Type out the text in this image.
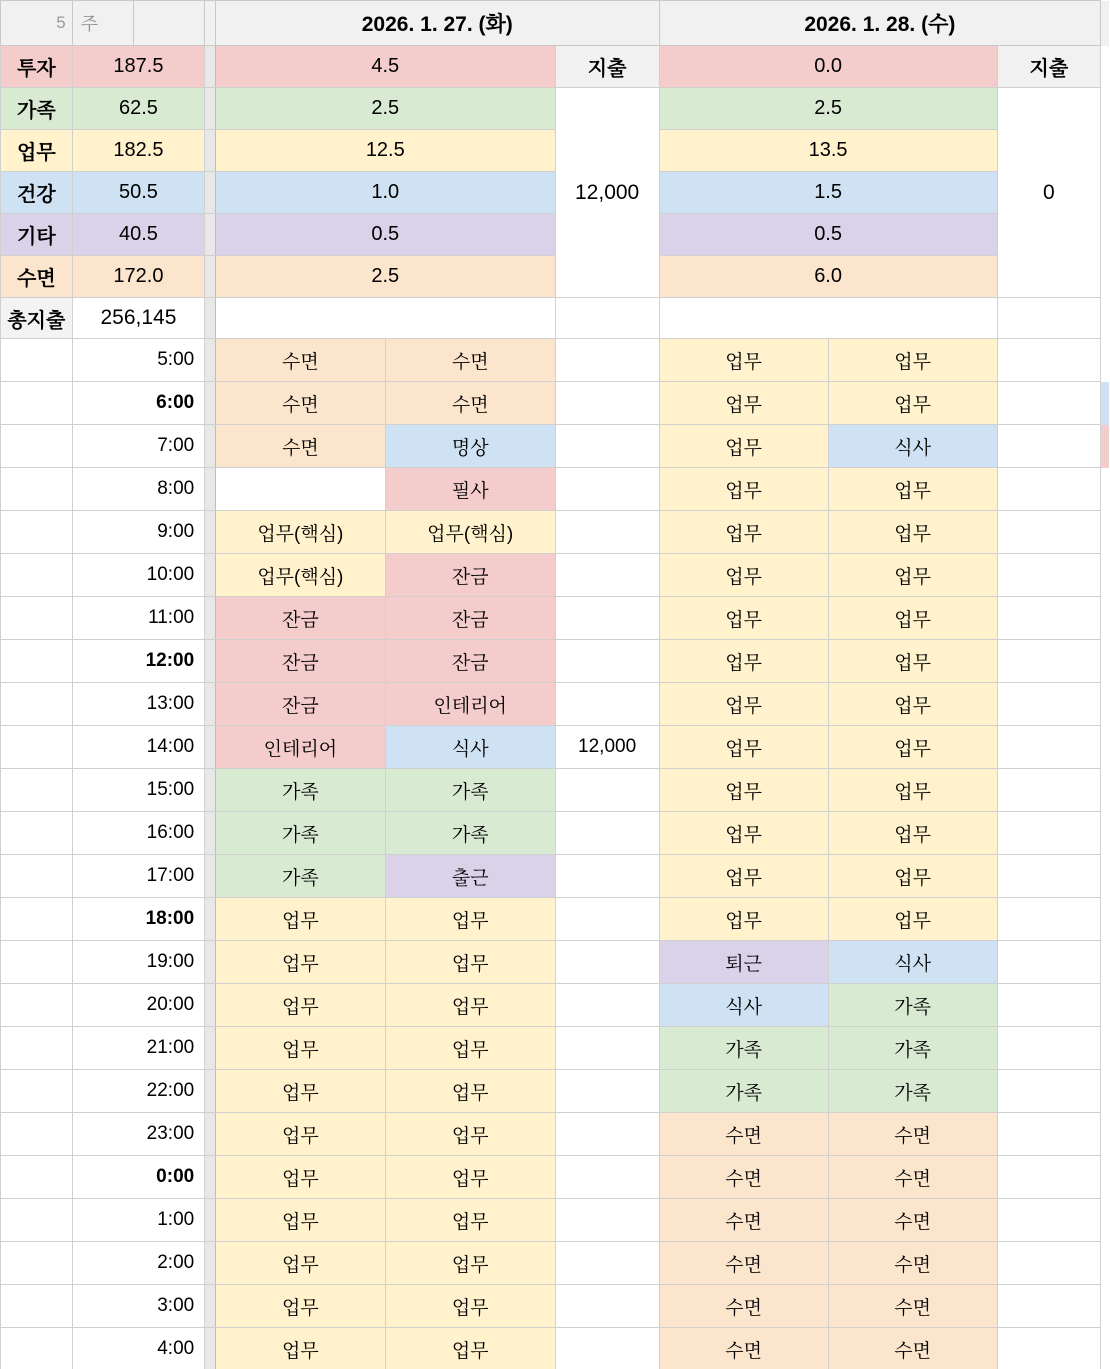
5	주			2026. 1. 27. (화)			2026. 1. 28. (수)			
투자	187.5			4.5		지출	0.0		지출	
가족	62.5			2.5		12,000	2.5		0	
업무	182.5			12.5			13.5			
건강	50.5			1.0			1.5			
기타	40.5			0.5			0.5			
수면	172.0			2.5			6.0			
총지출	256,145									
	5:00			수면	수면		업무	업무		
	6:00			수면	수면		업무	업무		
	7:00			수면	명상		업무	식사		
	8:00				필사		업무	업무		
	9:00			업무(핵심)	업무(핵심)		업무	업무		
	10:00			업무(핵심)	잔금		업무	업무		
	11:00			잔금	잔금		업무	업무		
	12:00			잔금	잔금		업무	업무		
	13:00			잔금	인테리어		업무	업무		
	14:00			인테리어	식사	12,000	업무	업무		
	15:00			가족	가족		업무	업무		
	16:00			가족	가족		업무	업무		
	17:00			가족	출근		업무	업무		
	18:00			업무	업무		업무	업무		
	19:00			업무	업무		퇴근	식사		
	20:00			업무	업무		식사	가족		
	21:00			업무	업무		가족	가족		
	22:00			업무	업무		가족	가족		
	23:00			업무	업무		수면	수면		
	0:00			업무	업무		수면	수면		
	1:00			업무	업무		수면	수면		
	2:00			업무	업무		수면	수면		
	3:00			업무	업무		수면	수면		
	4:00			업무	업무		수면	수면		
